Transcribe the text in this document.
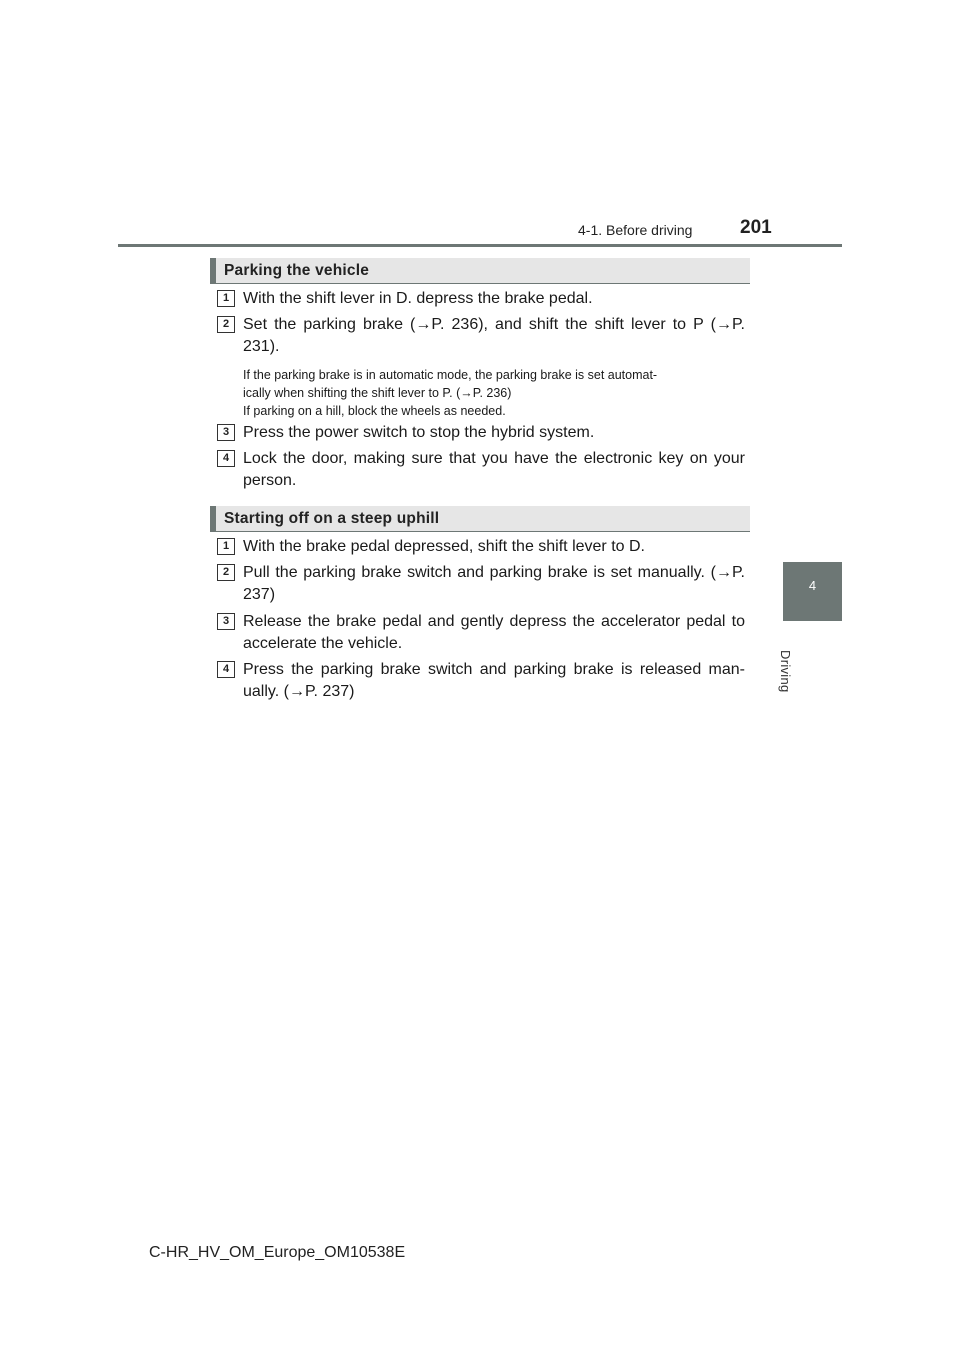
4-1. Before driving	201
4
Driving
Parking the vehicle
1 With the shift lever in D. depress the brake pedal.
2 Set the parking brake (→P. 236), and shift the shift lever to P (→P. 231).
If the parking brake is in automatic mode, the parking brake is set automat-
ically when shifting the shift lever to P. (→P. 236)
If parking on a hill, block the wheels as needed.
3 Press the power switch to stop the hybrid system.
4 Lock the door, making sure that you have the electronic key on your person.
Starting off on a steep uphill
1 With the brake pedal depressed, shift the shift lever to D.
2 Pull the parking brake switch and parking brake is set manually. (→P. 237)
3 Release the brake pedal and gently depress the accelerator pedal to accelerate the vehicle.
4 Press the parking brake switch and parking brake is released man-ually. (→P. 237)
C-HR_HV_OM_Europe_OM10538E
